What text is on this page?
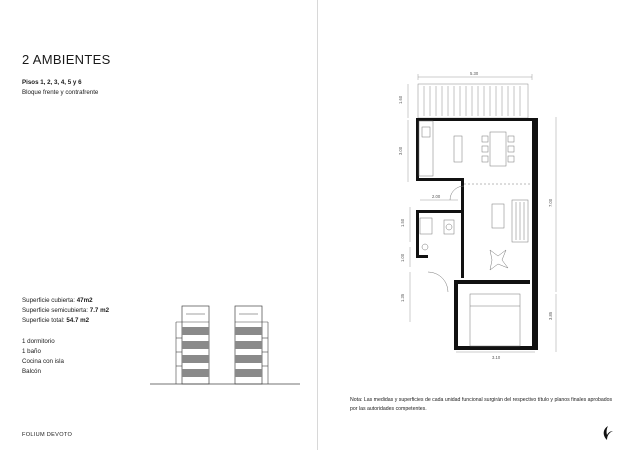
2 AMBIENTES
Pisos 1, 2, 3, 4, 5 y 6
Bloque frente y contrafrente
Superficie cubierta: 47m2
Superficie semicubierta: 7.7 m2
Superficie total: 54.7 m2
1 dormitorio
1 baño
Cocina con isla
Balcón
5.30
1.60
3.00
7.00
2.00
1.50
1.00
1.35
3.85
3.10
Nota: Las medidas y superficies de cada unidad funcional surgirán del respectivo título y planos finales aprobados por las autoridades competentes.
FOLIUM DEVOTO
